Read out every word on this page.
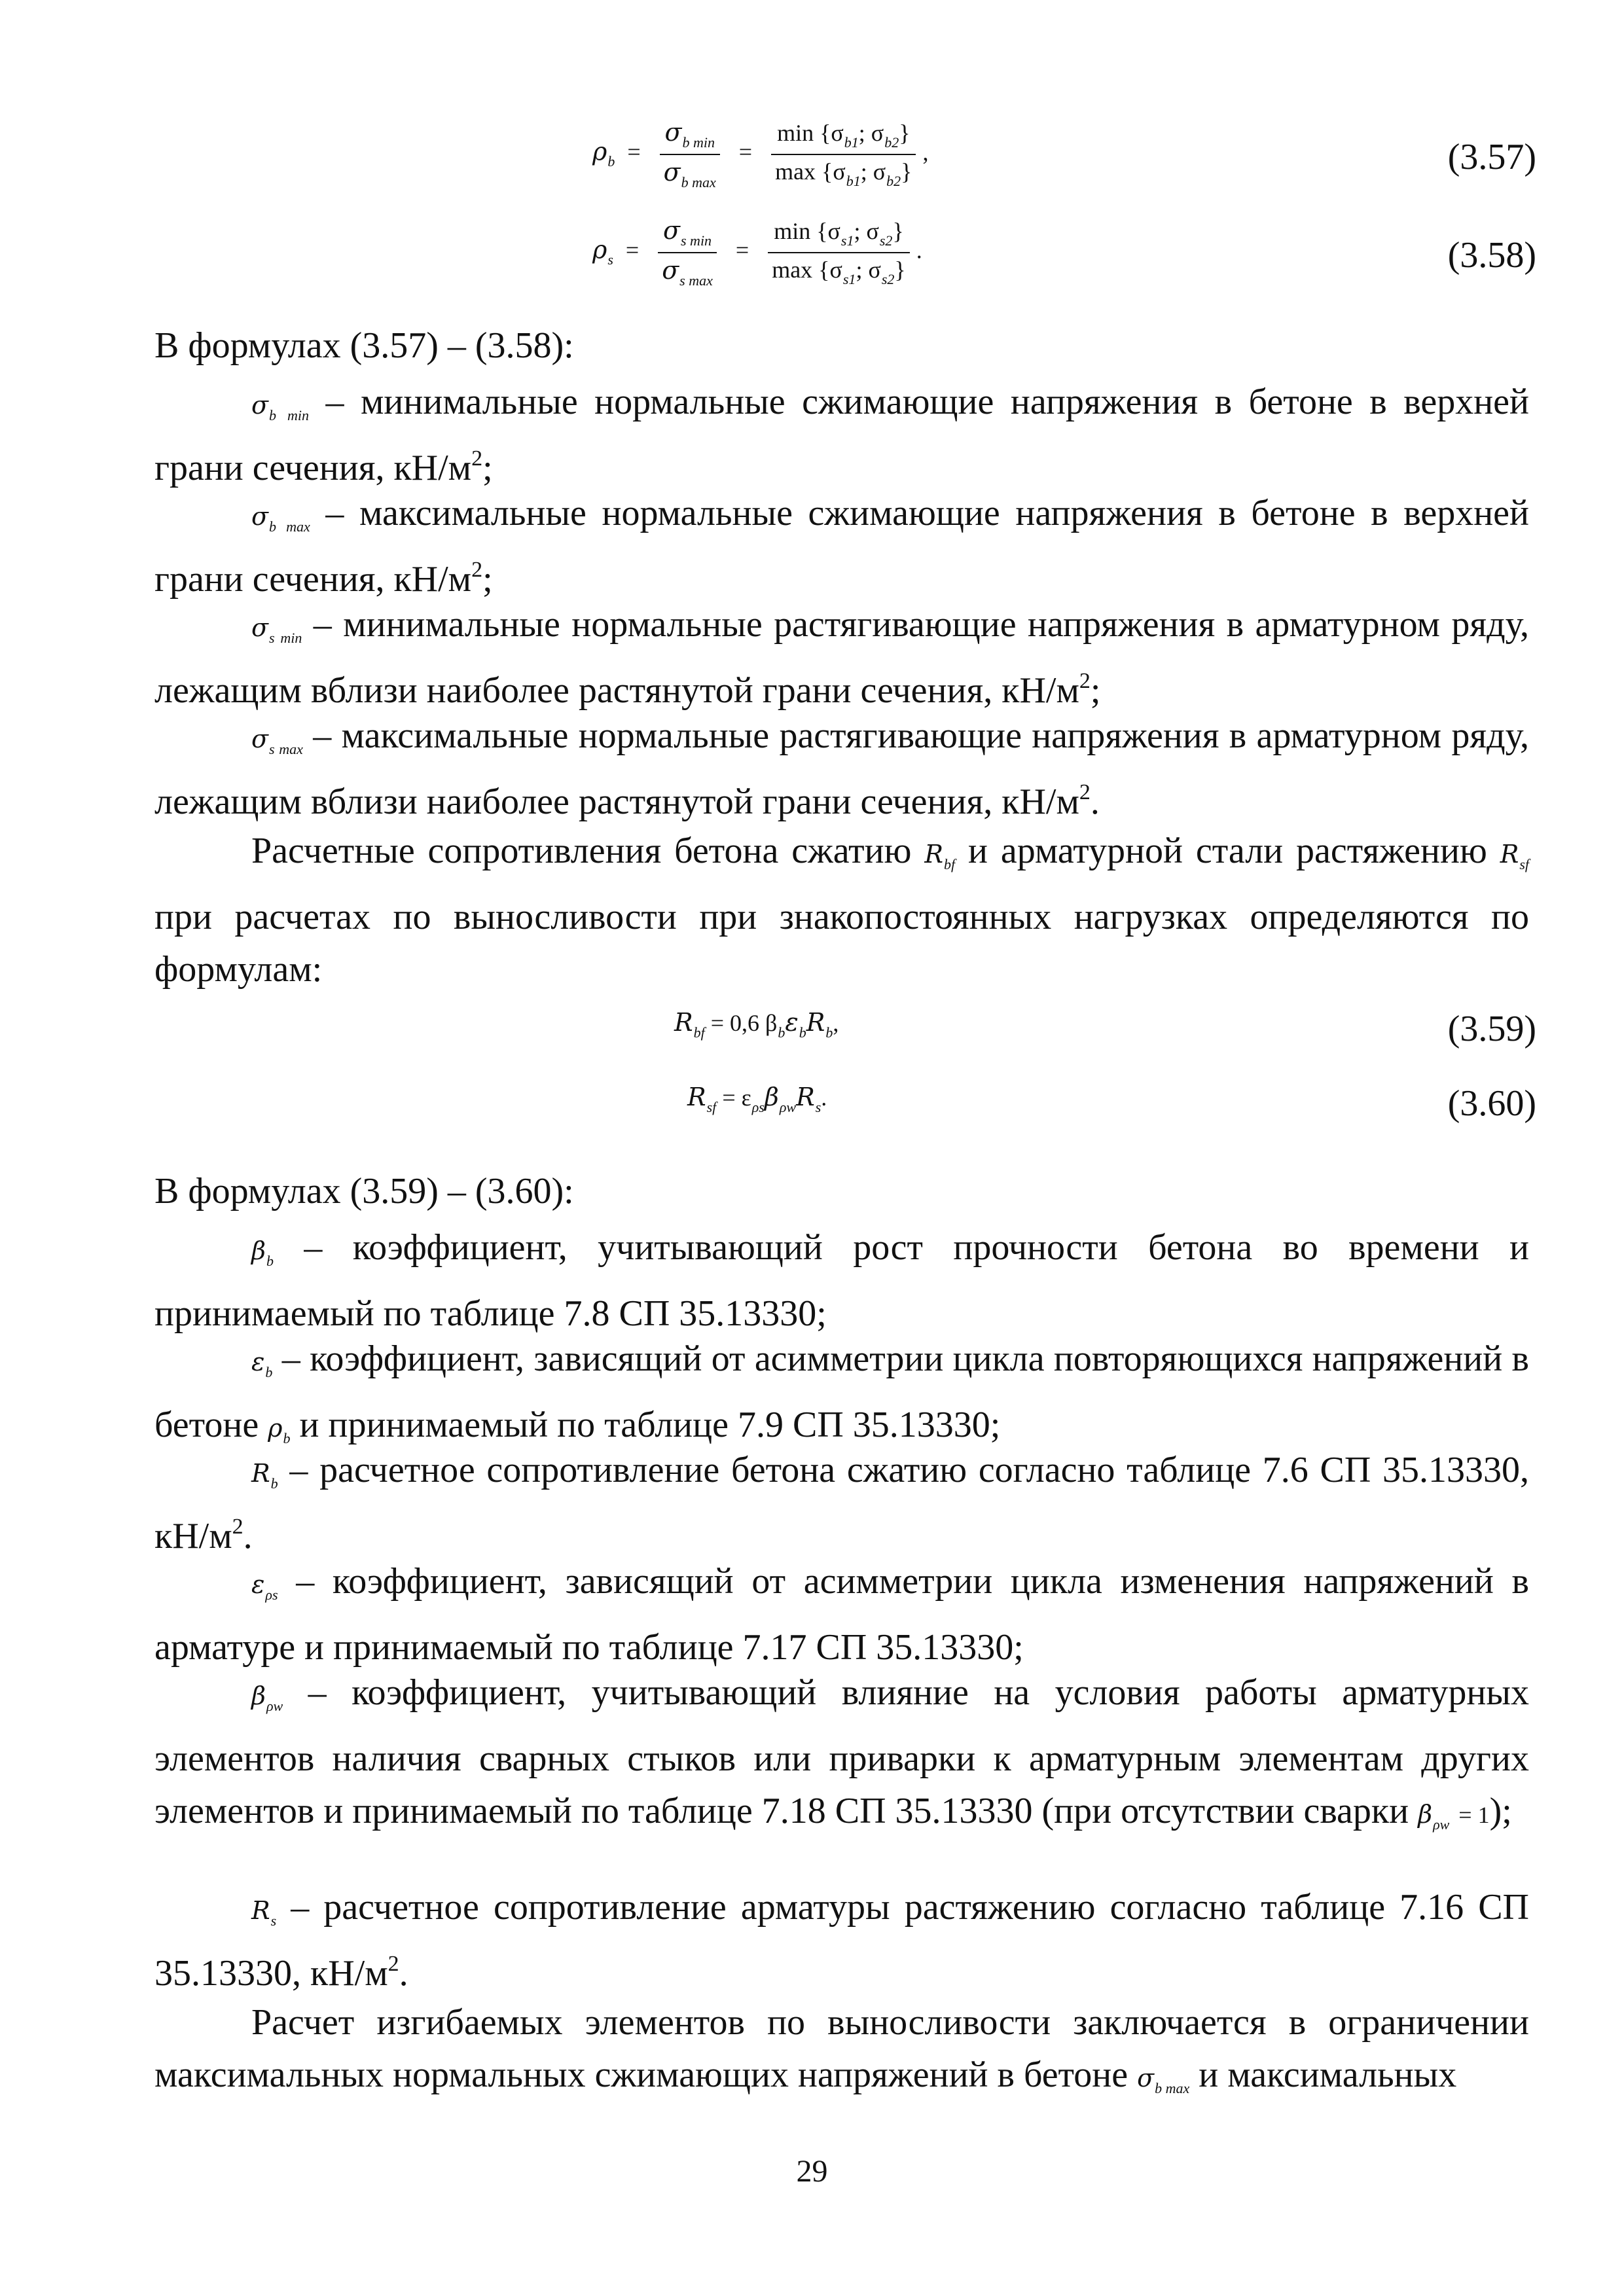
$\rho_b = \frac{\sigma_{b min}}{\sigma_{b max}} = \frac{\min \{\sigma_{b1}; \sigma_{b2}\}}{\max \{\sigma_{b1}; \sigma_{b2}\}}$ ,	(3.57)
$\rho_s = \frac{\sigma_{s min}}{\sigma_{s max}} = \frac{\min \{\sigma_{s1}; \sigma_{s2}\}}{\max \{\sigma_{s1}; \sigma_{s2}\}}$ .	(3.58)
В формулах (3.57) – (3.58):
$\sigma_{b min}$ – минимальные нормальные сжимающие напряжения в бетоне в верхней грани сечения, $кН/м^2$;
$\sigma_{b max}$ – максимальные нормальные сжимающие напряжения в бетоне в верхней грани сечения, $кН/м^2$;
$\sigma_{s min}$ – минимальные нормальные растягивающие напряжения в арматурном ряду, лежащим вблизи наиболее растянутой грани сечения, $кН/м^2$;
$\sigma_{s max}$ – максимальные нормальные растягивающие напряжения в арматурном ряду, лежащим вблизи наиболее растянутой грани сечения, $кН/м^2$.
Расчетные сопротивления бетона сжатию $R_{bf}$ и арматурной стали растяжению $R_{sf}$ при расчетах по выносливости при знакопостоянных нагрузках определяются по формулам:
$R_{bf} = 0,6$ $\beta_b\varepsilon_bR_b$,	(3.59)
$R_{sf} = \varepsilon_{\rho s}\beta_{\rho w}R_s$.	(3.60)
В формулах (3.59) – (3.60):
$\beta_b$ – коэффициент, учитывающий рост прочности бетона во времени и принимаемый по таблице 7.8 СП 35.13330;
$\varepsilon_b$ – коэффициент, зависящий от асимметрии цикла повторяющихся напряжений в бетоне $\rho_b$ и принимаемый по таблице 7.9 СП 35.13330;
$R_b$ – расчетное сопротивление бетона сжатию согласно таблице 7.6 СП 35.13330, $кН/м^2$.
$\varepsilon_{\rho s}$ – коэффициент, зависящий от асимметрии цикла изменения напряжений в арматуре и принимаемый по таблице 7.17 СП 35.13330;
$\beta_{\rho w}$ – коэффициент, учитывающий влияние на условия работы арматурных элементов наличия сварных стыков или приварки к арматурным элементам других элементов и принимаемый по таблице 7.18 СП 35.13330 (при отсутствии сварки $\beta_{\rho w} = 1$);
$R_s$ – расчетное сопротивление арматуры растяжению согласно таблице 7.16 СП 35.13330, $кН/м^2$.
Расчет изгибаемых элементов по выносливости заключается в ограничении максимальных нормальных сжимающих напряжений в бетоне $\sigma_{b max}$ и максимальных
29
